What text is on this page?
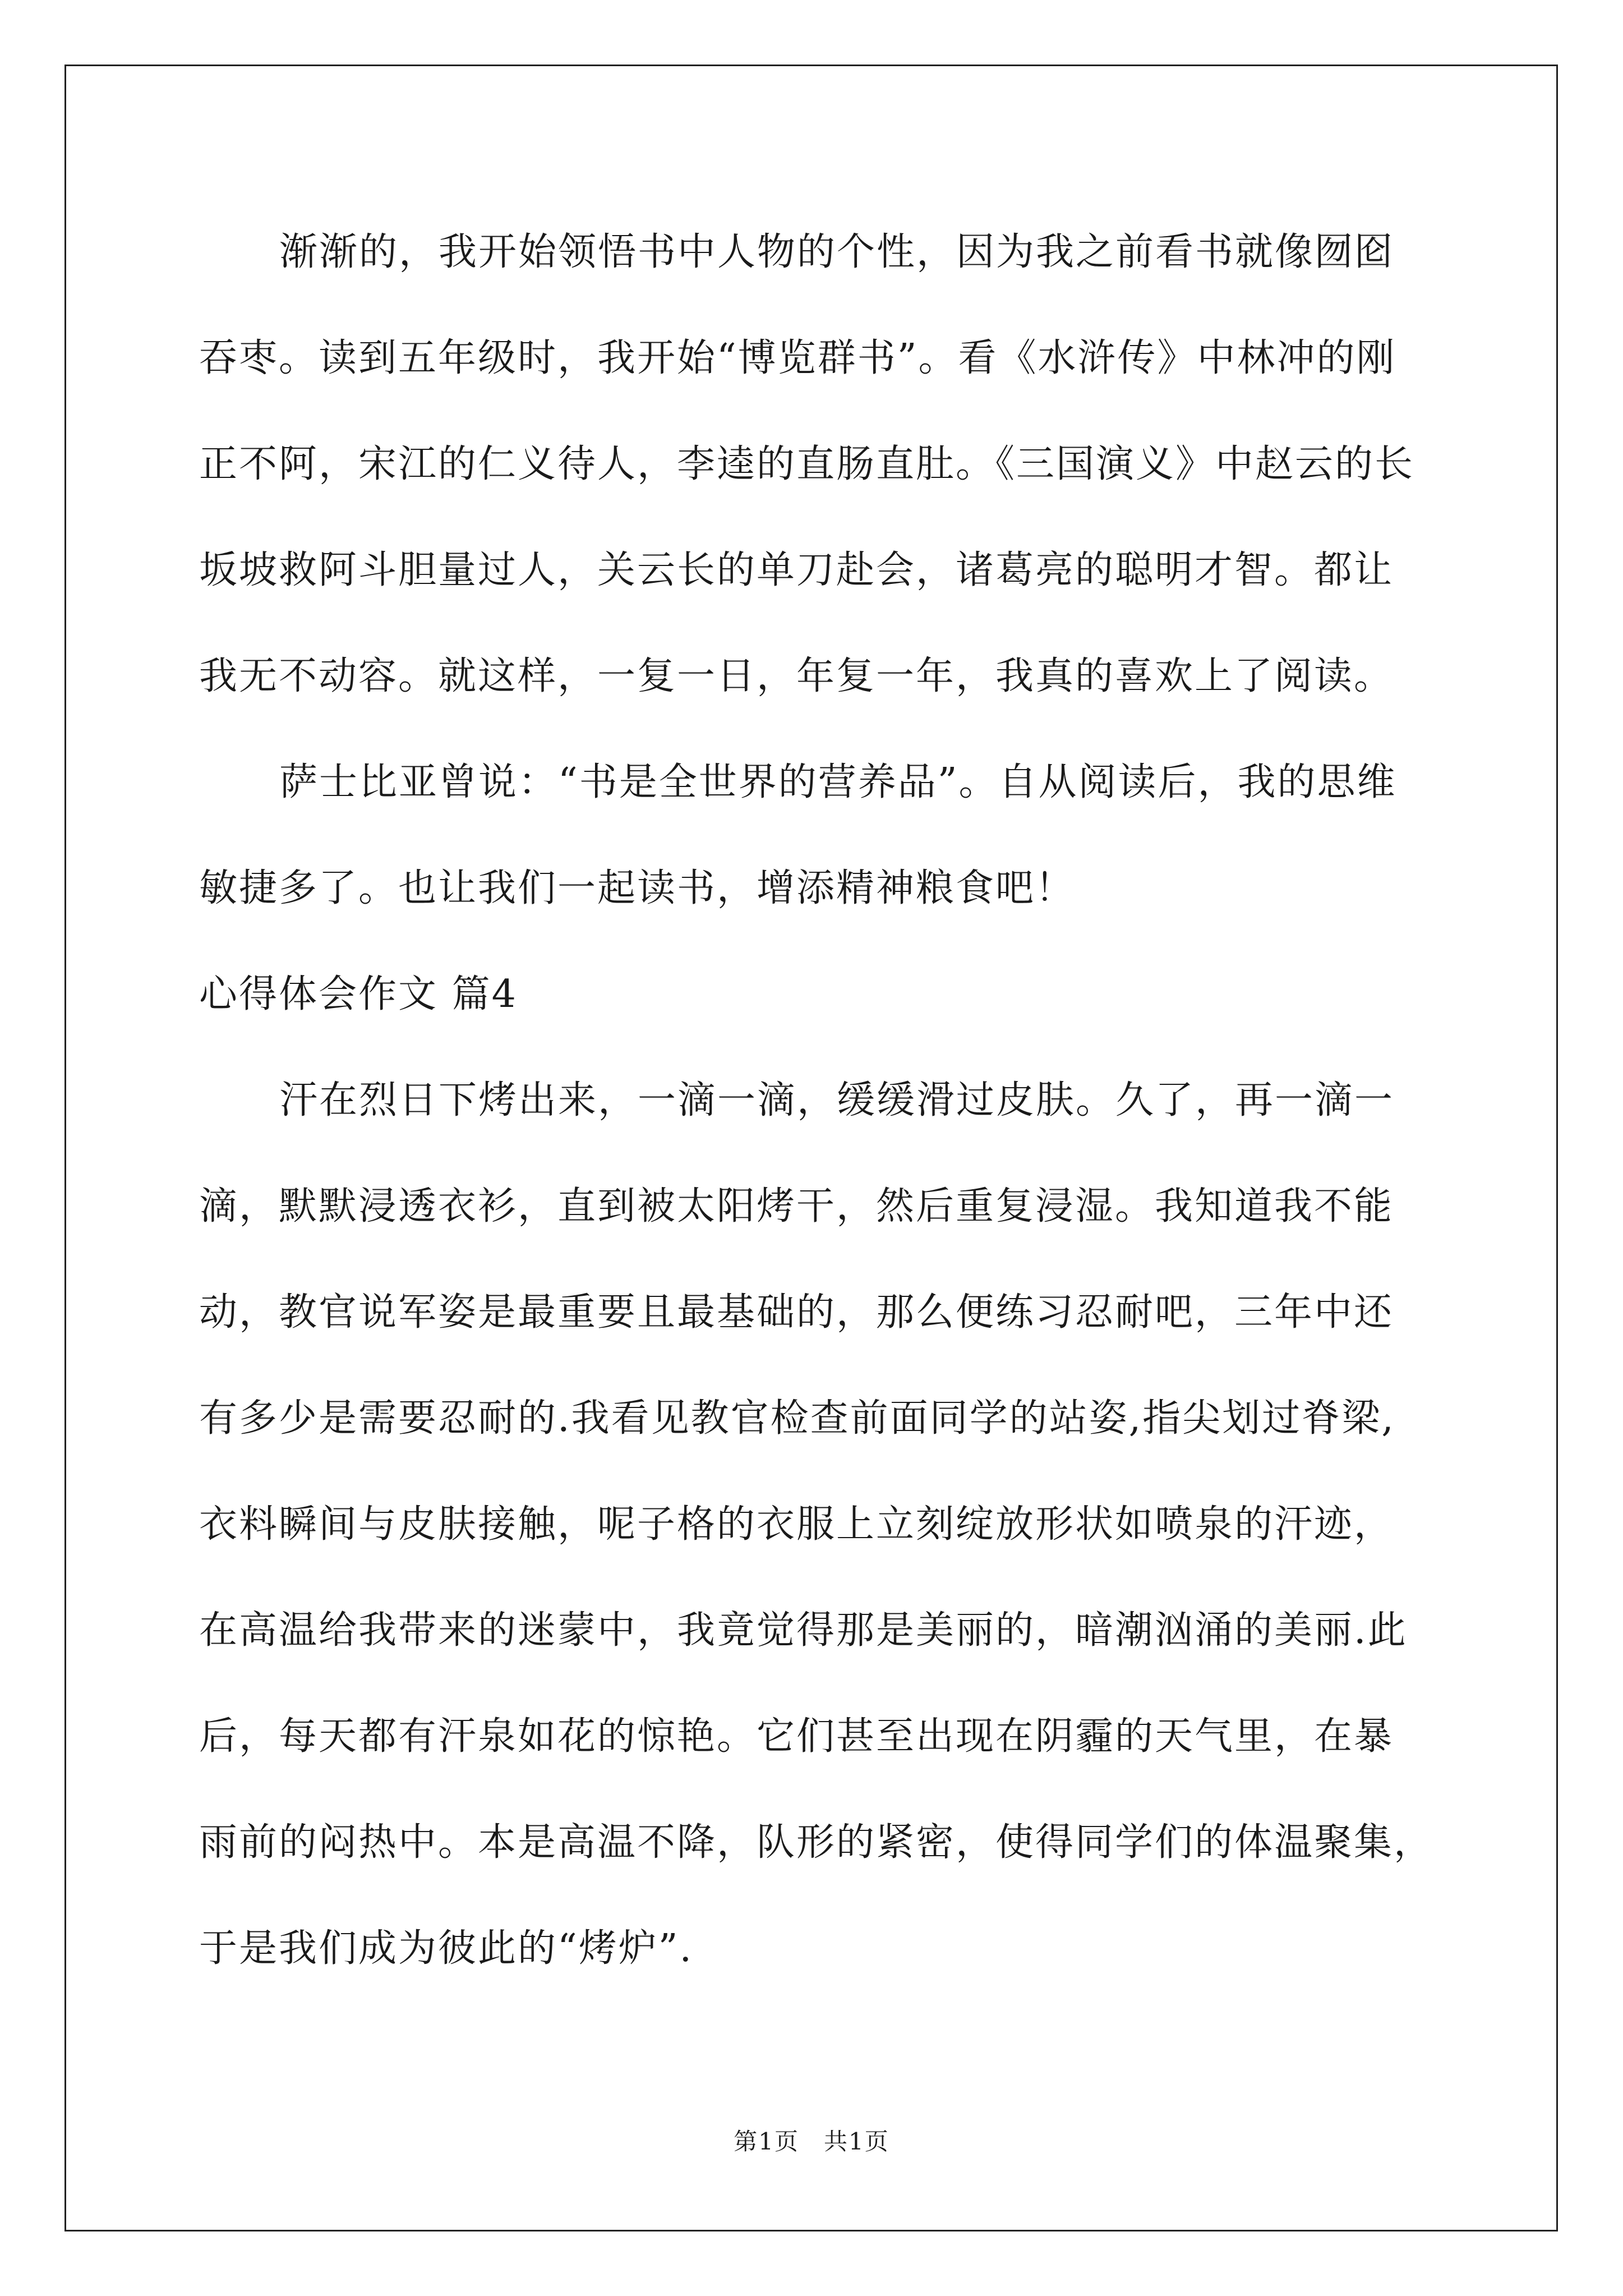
渐渐的，我开始领悟书中人物的个性，因为我之前看书就像囫囵
吞枣。读到五年级时，我开始“博览群书”。看《水浒传》中林冲的刚
正不阿，宋江的仁义待人，李逵的直肠直肚。《三国演义》中赵云的长
坂坡救阿斗胆量过人，关云长的单刀赴会，诸葛亮的聪明才智。都让
我无不动容。就这样，一复一日，年复一年，我真的喜欢上了阅读。
萨士比亚曾说：“书是全世界的营养品”。自从阅读后，我的思维
敏捷多了。也让我们一起读书，增添精神粮食吧！
心得体会作文 篇4
汗在烈日下烤出来，一滴一滴，缓缓滑过皮肤。久了，再一滴一
滴，默默浸透衣衫，直到被太阳烤干，然后重复浸湿。我知道我不能
动，教官说军姿是最重要且最基础的，那么便练习忍耐吧，三年中还
有多少是需要忍耐的.我看见教官检查前面同学的站姿,指尖划过脊梁,
衣料瞬间与皮肤接触，呢子格的衣服上立刻绽放形状如喷泉的汗迹，
在高温给我带来的迷蒙中，我竟觉得那是美丽的，暗潮汹涌的美丽.此
后，每天都有汗泉如花的惊艳。它们甚至出现在阴霾的天气里，在暴
雨前的闷热中。本是高温不降，队形的紧密，使得同学们的体温聚集，
于是我们成为彼此的“烤炉”.
第1页　共1页
